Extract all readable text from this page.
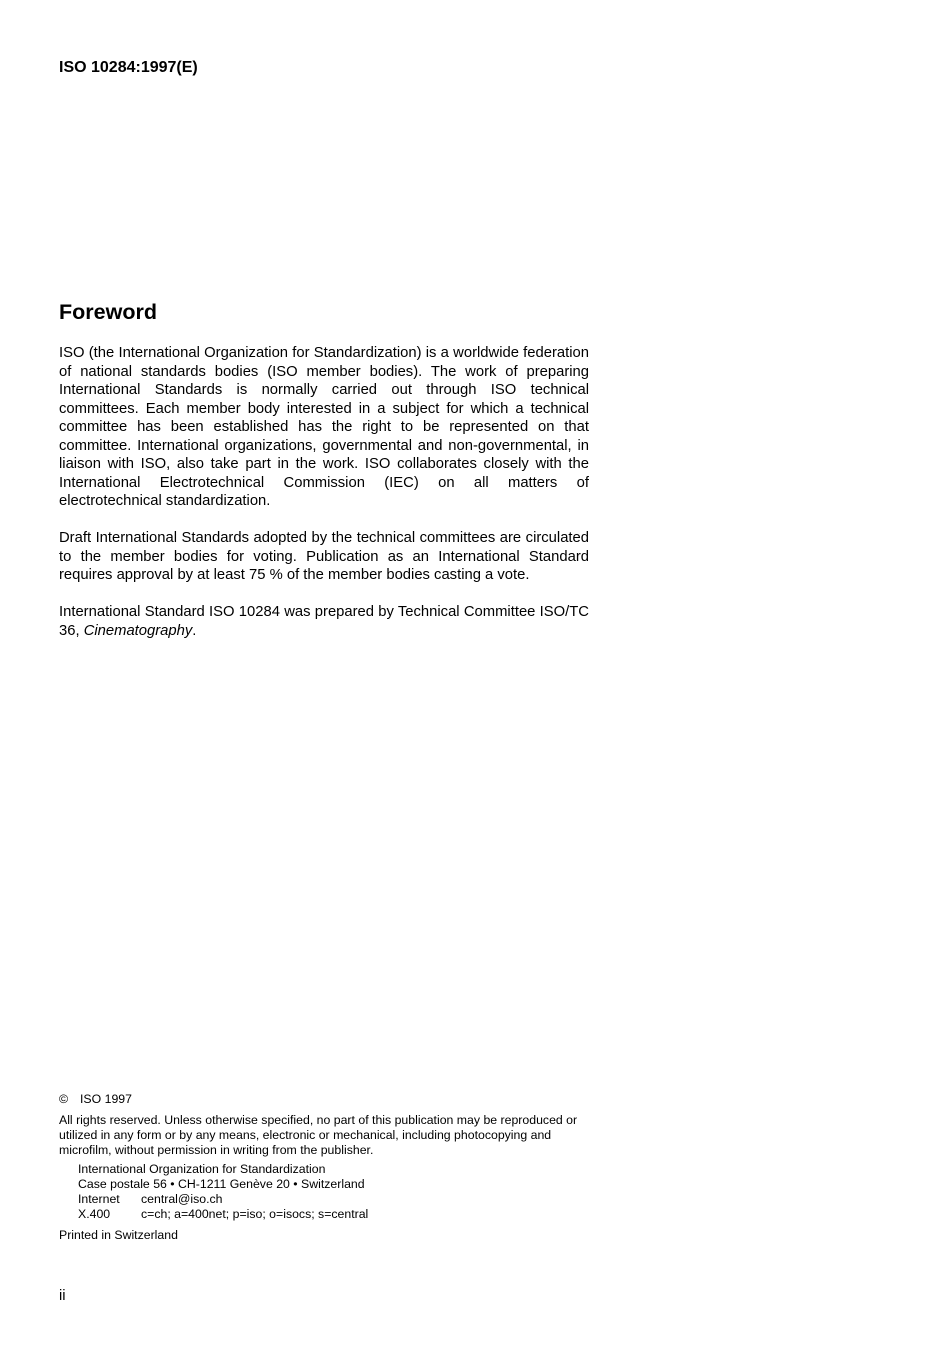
ISO 10284:1997(E)
Foreword

ISO (the International Organization for Standardization) is a worldwide federation of national standards bodies (ISO member bodies). The work of preparing International Standards is normally carried out through ISO technical committees. Each member body interested in a subject for which a technical committee has been established has the right to be represented on that committee. International organizations, governmental and non-governmental, in liaison with ISO, also take part in the work. ISO collaborates closely with the International Electrotechnical Commission (IEC) on all matters of electrotechnical standardization.

Draft International Standards adopted by the technical committees are circulated to the member bodies for voting. Publication as an International Standard requires approval by at least 75 % of the member bodies casting a vote.

International Standard ISO 10284 was prepared by Technical Committee ISO/TC 36, Cinematography.

© ISO 1997
All rights reserved. Unless otherwise specified, no part of this publication may be reproduced or utilized in any form or by any means, electronic or mechanical, including photocopying and microfilm, without permission in writing from the publisher.
International Organization for Standardization
Case postale 56 • CH-1211 Genève 20 • Switzerland
Internet central@iso.ch
X.400	c=ch; a=400net; p=iso; o=isocs; s=central
Printed in Switzerland
ii
